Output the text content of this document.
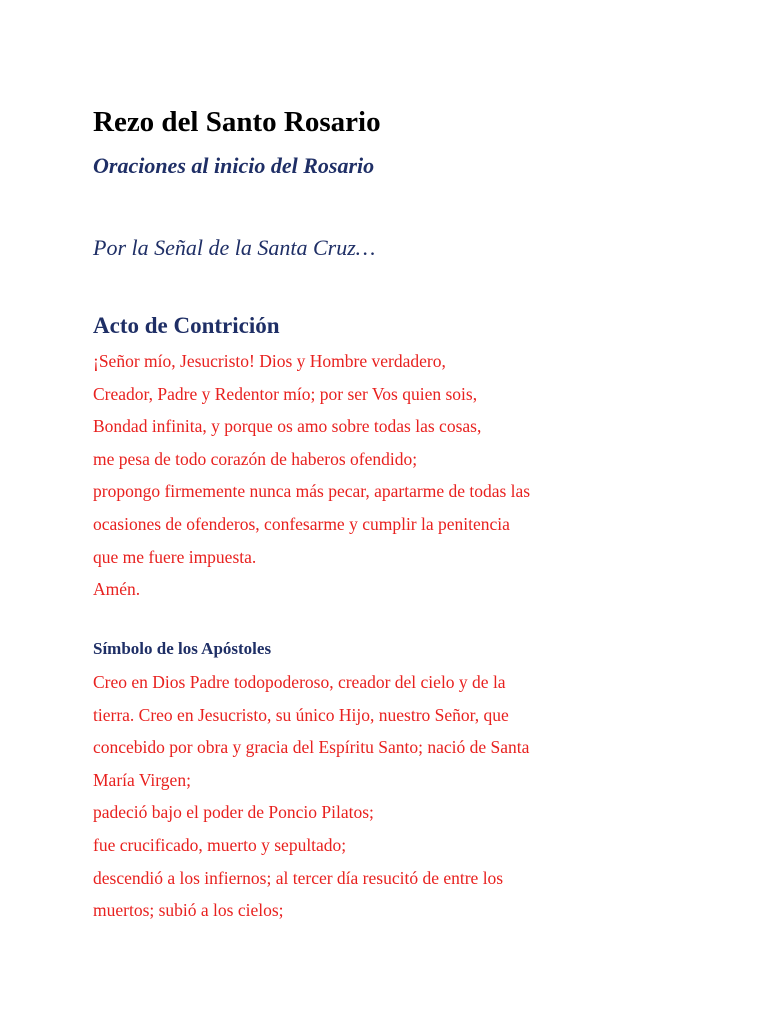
Rezo del Santo Rosario
Oraciones al inicio del Rosario

Por la Señal de la Santa Cruz…

Acto de Contrición
¡Señor mío, Jesucristo! Dios y Hombre verdadero,
Creador, Padre y Redentor mío; por ser Vos quien sois,
Bondad infinita, y porque os amo sobre todas las cosas,
me pesa de todo corazón de haberos ofendido;
propongo firmemente nunca más pecar, apartarme de todas las
ocasiones de ofenderos, confesarme y cumplir la penitencia
que me fuere impuesta.
Amén.
Símbolo de los Apóstoles
Creo en Dios Padre todopoderoso, creador del cielo y de la
tierra. Creo en Jesucristo, su único Hijo, nuestro Señor, que
concebido por obra y gracia del Espíritu Santo; nació de Santa
María Virgen;
padeció bajo el poder de Poncio Pilatos;
fue crucificado, muerto y sepultado;
descendió a los infiernos; al tercer día resucitó de entre los
muertos; subió a los cielos;
